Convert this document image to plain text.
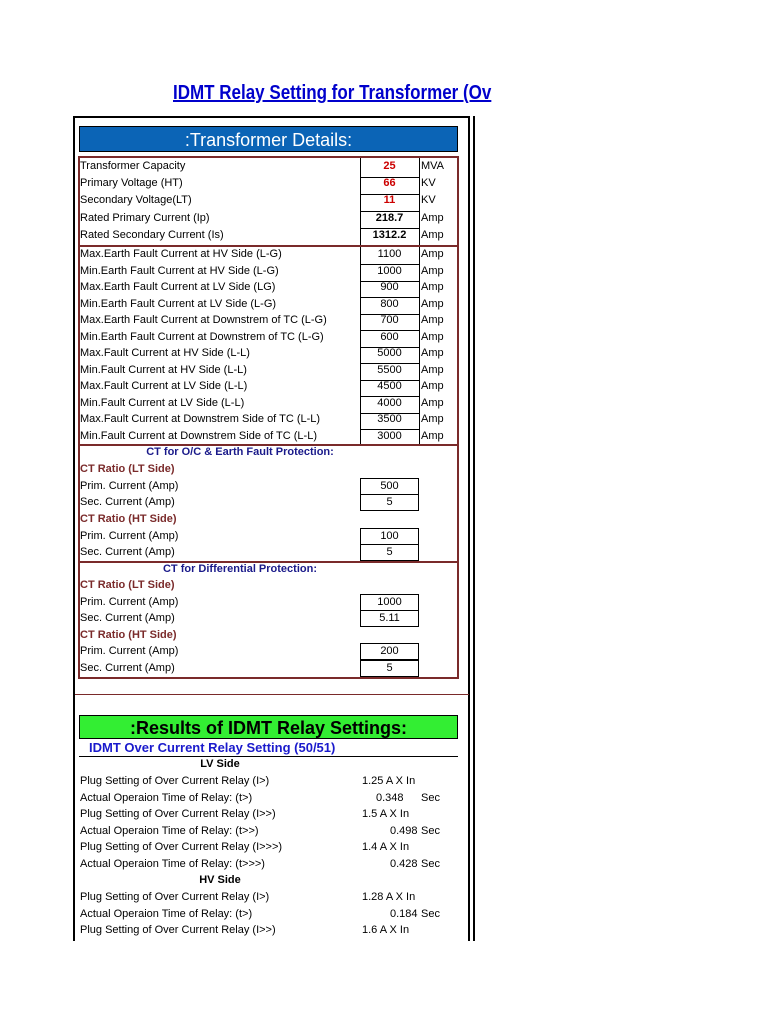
IDMT Relay Setting for Transformer (Ov
:Transformer Details:
Transformer Capacity	25	MVA
Primary Voltage (HT)	66	KV
Secondary Voltage(LT)	11	KV
Rated Primary Current (Ip)	218.7	Amp
Rated Secondary Current (Is)	1312.2	Amp
Max.Earth Fault Current at HV Side (L-G)	1100	Amp
Min.Earth Fault Current at HV Side (L-G)	1000	Amp
Max.Earth Fault Current at LV Side (LG)	900	Amp
Min.Earth Fault Current at LV Side (L-G)	800	Amp
Max.Earth Fault Current at Downstrem of TC (L-G)	700	Amp
Min.Earth Fault Current at Downstrem of TC (L-G)	600	Amp
Max.Fault Current at HV Side (L-L)	5000	Amp
Min.Fault Current at HV Side (L-L)	5500	Amp
Max.Fault Current at LV Side (L-L)	4500	Amp
Min.Fault Current at LV Side (L-L)	4000	Amp
Max.Fault Current at Downstrem Side of TC (L-L)	3500	Amp
Min.Fault Current at Downstrem Side of TC (L-L)	3000	Amp
CT for O/C & Earth Fault Protection:
CT Ratio (LT Side)
Prim. Current (Amp)	500
Sec. Current (Amp)	5
CT Ratio (HT Side)
Prim. Current (Amp)	100
Sec. Current (Amp)	5
CT for Differential Protection:
CT Ratio (LT Side)
Prim. Current (Amp)	1000
Sec. Current (Amp)	5.11
CT Ratio (HT Side)
Prim. Current (Amp)	200
Sec. Current (Amp)	5
:Results of IDMT Relay Settings:
IDMT Over Current Relay Setting (50/51)
LV Side
Plug Setting of Over Current Relay (I>)	1.25 A X In
Actual Operaion Time of Relay: (t>)	0.348 Sec
Plug Setting of Over Current Relay (I>>)	1.5 A X In
Actual Operaion Time of Relay: (t>>)	0.498 Sec
Plug Setting of Over Current Relay (I>>>)	1.4 A X In
Actual Operaion Time of Relay: (t>>>)	0.428 Sec
HV Side
Plug Setting of Over Current Relay (I>)	1.28 A X In
Actual Operaion Time of Relay: (t>)	0.184 Sec
Plug Setting of Over Current Relay (I>>)	1.6 A X In
